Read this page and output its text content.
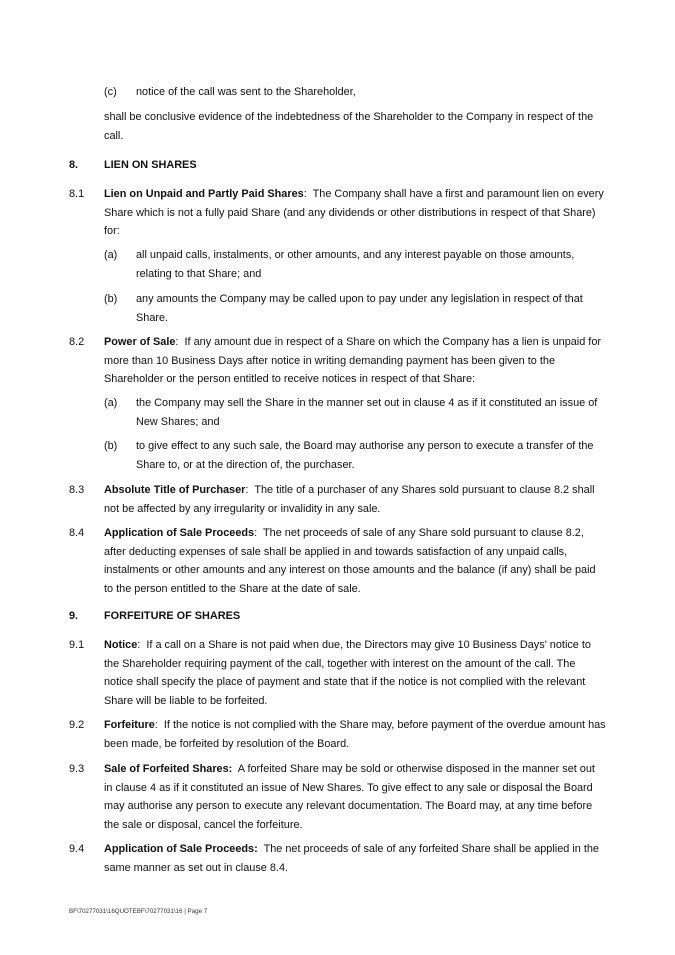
(c) notice of the call was sent to the Shareholder,
shall be conclusive evidence of the indebtedness of the Shareholder to the Company in respect of the call.
8. LIEN ON SHARES
8.1 Lien on Unpaid and Partly Paid Shares:  The Company shall have a first and paramount lien on every Share which is not a fully paid Share (and any dividends or other distributions in respect of that Share) for:
(a) all unpaid calls, instalments, or other amounts, and any interest payable on those amounts, relating to that Share; and
(b) any amounts the Company may be called upon to pay under any legislation in respect of that Share.
8.2 Power of Sale:  If any amount due in respect of a Share on which the Company has a lien is unpaid for more than 10 Business Days after notice in writing demanding payment has been given to the Shareholder or the person entitled to receive notices in respect of that Share:
(a) the Company may sell the Share in the manner set out in clause 4 as if it constituted an issue of New Shares; and
(b) to give effect to any such sale, the Board may authorise any person to execute a transfer of the Share to, or at the direction of, the purchaser.
8.3 Absolute Title of Purchaser:  The title of a purchaser of any Shares sold pursuant to clause 8.2 shall not be affected by any irregularity or invalidity in any sale.
8.4 Application of Sale Proceeds:  The net proceeds of sale of any Share sold pursuant to clause 8.2, after deducting expenses of sale shall be applied in and towards satisfaction of any unpaid calls, instalments or other amounts and any interest on those amounts and the balance (if any) shall be paid to the person entitled to the Share at the date of sale.
9. FORFEITURE OF SHARES
9.1 Notice:  If a call on a Share is not paid when due, the Directors may give 10 Business Days' notice to the Shareholder requiring payment of the call, together with interest on the amount of the call. The notice shall specify the place of payment and state that if the notice is not complied with the relevant Share will be liable to be forfeited.
9.2 Forfeiture:  If the notice is not complied with the Share may, before payment of the overdue amount has been made, be forfeited by resolution of the Board.
9.3 Sale of Forfeited Shares: A forfeited Share may be sold or otherwise disposed in the manner set out in clause 4 as if it constituted an issue of New Shares. To give effect to any sale or disposal the Board may authorise any person to execute any relevant documentation. The Board may, at any time before the sale or disposal, cancel the forfeiture.
9.4 Application of Sale Proceeds: The net proceeds of sale of any forfeited Share shall be applied in the same manner as set out in clause 8.4.
BF\70277031\16QUOTEBF\70277031\16 | Page 7
